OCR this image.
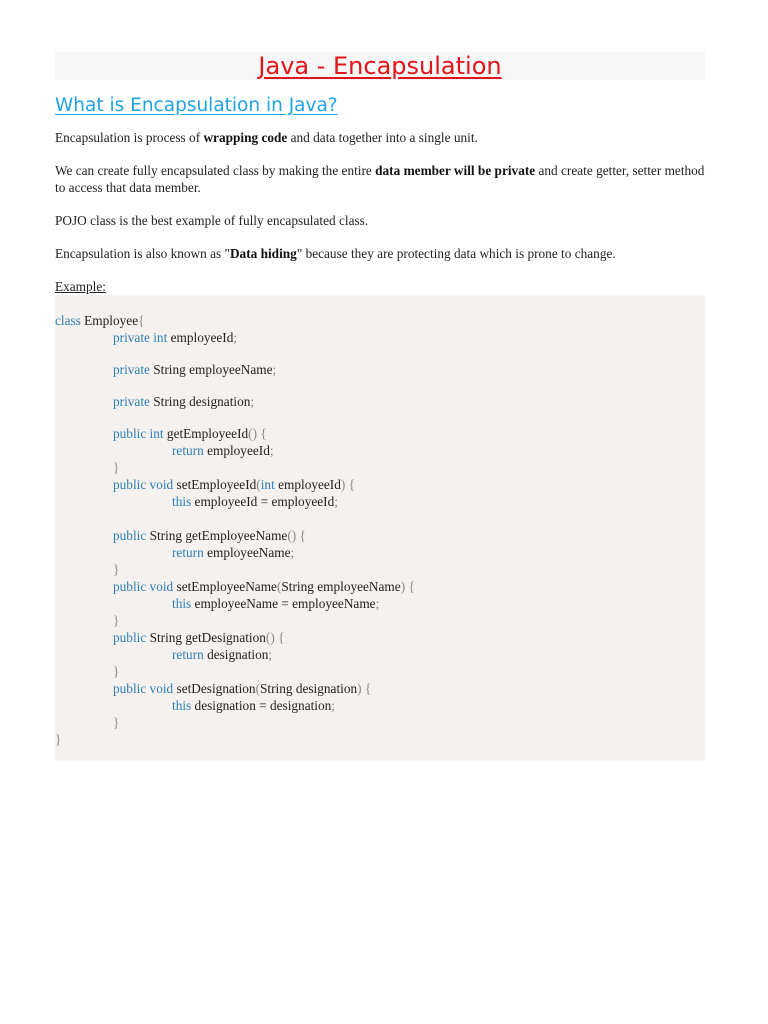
Java - Encapsulation
What is Encapsulation in Java?

Encapsulation is process of wrapping code and data together into a single unit.

We can create fully encapsulated class by making the entire data member will be private and create getter, setter method to access that data member.

POJO class is the best example of fully encapsulated class.

Encapsulation is also known as "Data hiding" because they are protecting data which is prone to change.

Example:

class Employee{
private int employeeId;
private String employeeName;
private String designation;
public int getEmployeeId() {
return employeeId;
}
public void setEmployeeId(int employeeId) {
this employeeId = employeeId;
public String getEmployeeName() {
return employeeName;
}
public void setEmployeeName(String employeeName) {
this employeeName = employeeName;
}
public String getDesignation() {
return designation;
}
public void setDesignation(String designation) {
this designation = designation;
}
}
